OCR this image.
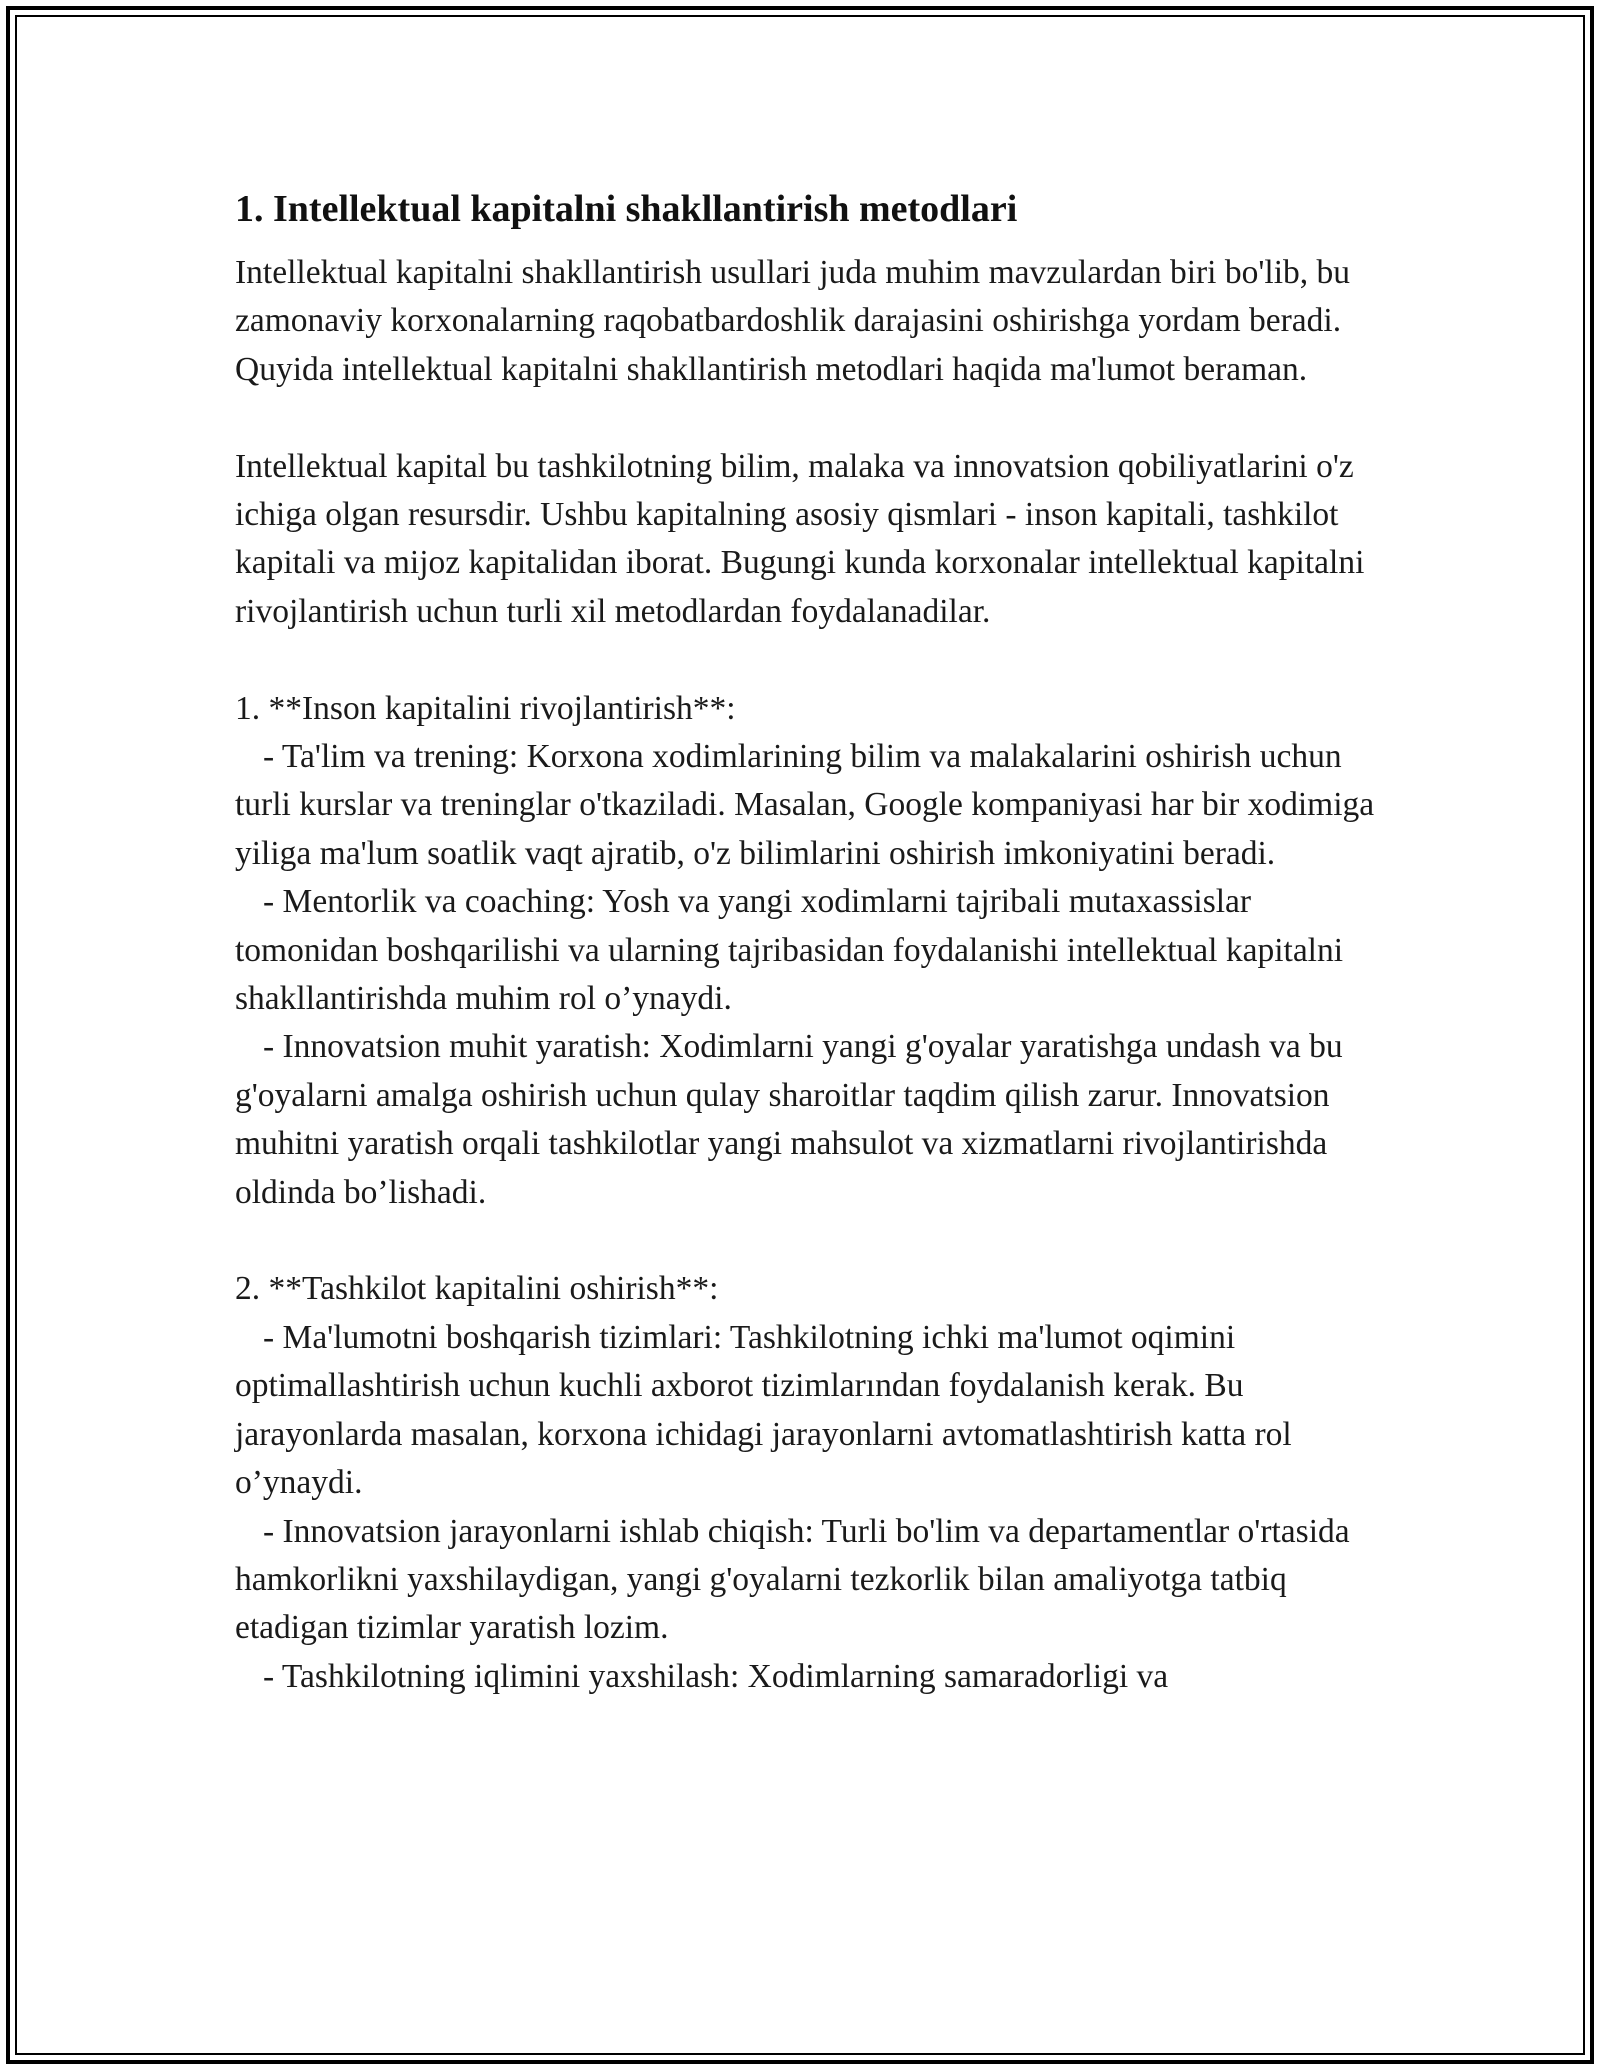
1. Intellektual kapitalni shakllantirish metodlari

Intellektual kapitalni shakllantirish usullari juda muhim mavzulardan biri bo'lib, bu zamonaviy korxonalarning raqobatbardoshlik darajasini oshirishga yordam beradi. Quyida intellektual kapitalni shakllantirish metodlari haqida ma'lumot beraman.

Intellektual kapital bu tashkilotning bilim, malaka va innovatsion qobiliyatlarini o'z ichiga olgan resursdir. Ushbu kapitalning asosiy qismlari - inson kapitali, tashkilot kapitali va mijoz kapitalidan iborat. Bugungi kunda korxonalar intellektual kapitalni rivojlantirish uchun turli xil metodlardan foydalanadilar.

1. **Inson kapitalini rivojlantirish**:

- Ta'lim va trening: Korxona xodimlarining bilim va malakalarini oshirish uchun turli kurslar va treninglar o'tkaziladi. Masalan, Google kompaniyasi har bir xodimiga yiliga ma'lum soatlik vaqt ajratib, o'z bilimlarini oshirish imkoniyatini beradi.

- Mentorlik va coaching: Yosh va yangi xodimlarni tajribali mutaxassislar tomonidan boshqarilishi va ularning tajribasidan foydalanishi intellektual kapitalni shakllantirishda muhim rol o’ynaydi.

- Innovatsion muhit yaratish: Xodimlarni yangi g'oyalar yaratishga undash va bu g'oyalarni amalga oshirish uchun qulay sharoitlar taqdim qilish zarur. Innovatsion muhitni yaratish orqali tashkilotlar yangi mahsulot va xizmatlarni rivojlantirishda oldinda bo’lishadi.

2. **Tashkilot kapitalini oshirish**:

- Ma'lumotni boshqarish tizimlari: Tashkilotning ichki ma'lumot oqimini optimallashtirish uchun kuchli axborot tizimlarından foydalanish kerak. Bu jarayonlarda masalan, korxona ichidagi jarayonlarni avtomatlashtirish katta rol o’ynaydi.

- Innovatsion jarayonlarni ishlab chiqish: Turli bo'lim va departamentlar o'rtasida hamkorlikni yaxshilaydigan, yangi g'oyalarni tezkorlik bilan amaliyotga tatbiq etadigan tizimlar yaratish lozim.

- Tashkilotning iqlimini yaxshilash: Xodimlarning samaradorligi va
